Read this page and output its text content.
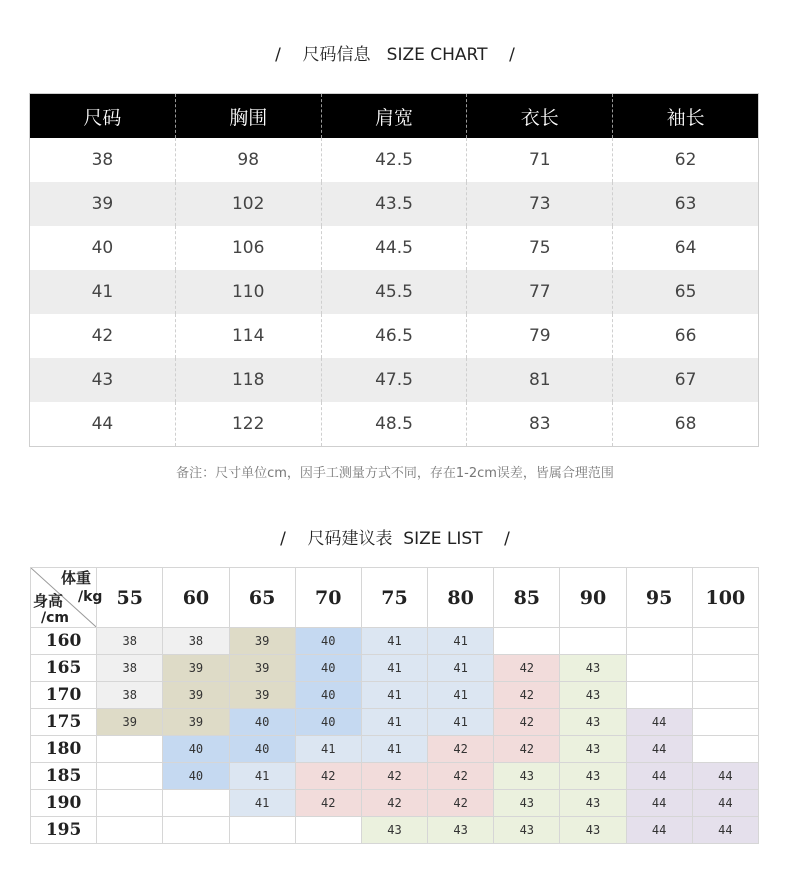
/    尺码信息   SIZE CHART    /
尺码	胸围	肩宽	衣长	袖长
38	98	42.5	71	62
39	102	43.5	73	63
40	106	44.5	75	64
41	110	45.5	77	65
42	114	46.5	79	66
43	118	47.5	81	67
44	122	48.5	83	68
备注：尺寸单位cm，因手工测量方式不同，存在1-2cm误差，皆属合理范围
/    尺码建议表  SIZE LIST    /
体重
/kg
身高
/cm	55	60	65	70	75	80	85	90	95	100
160	38	38	39	40	41	41				
165	38	39	39	40	41	41	42	43		
170	38	39	39	40	41	41	42	43		
175	39	39	40	40	41	41	42	43	44	
180		40	40	41	41	42	42	43	44	
185		40	41	42	42	42	43	43	44	44
190			41	42	42	42	43	43	44	44
195					43	43	43	43	44	44
